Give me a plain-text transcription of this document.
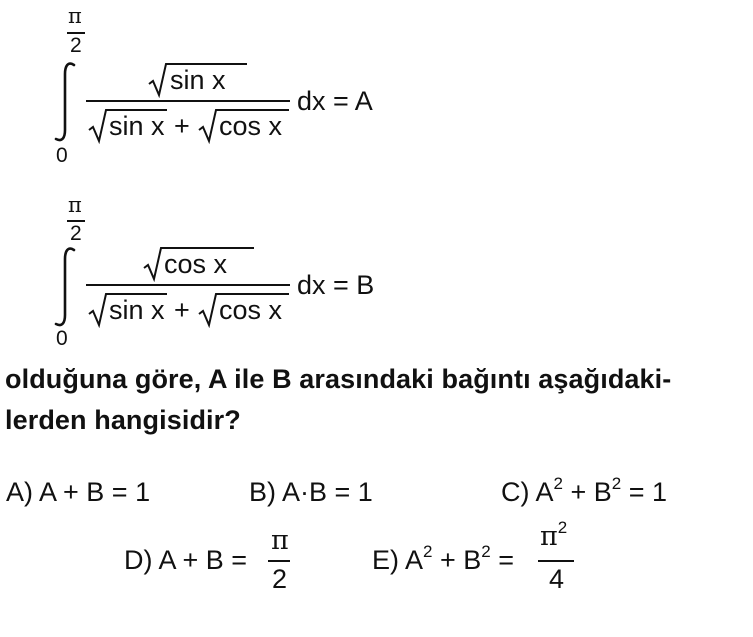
π
2
0
sin x
sin x + cos x
dx = A
π
2
0
cos x
sin x + cos x
dx = B
olduğuna göre, A ile B arasındaki bağıntı aşağıdaki-
lerden hangisidir?
A) A + B = 1	B) A·B = 1	C) $A^2 + B^2 = 1$
D) A + B =
π
2
E) $A^2 + B^2$ =
$\pi^2$
4
